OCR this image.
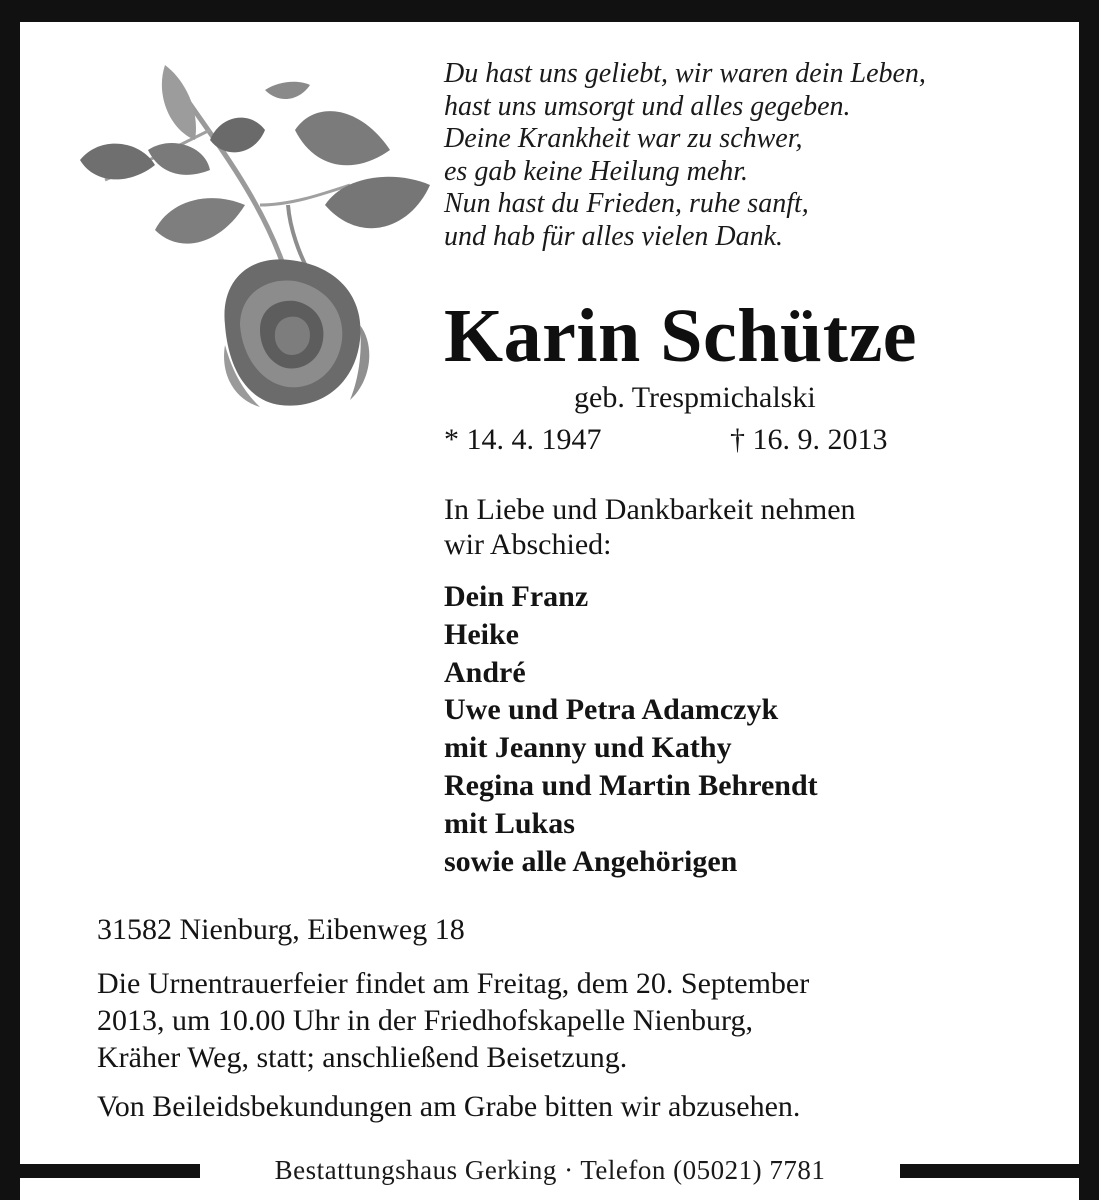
Du hast uns geliebt, wir waren dein Leben,
hast uns umsorgt und alles gegeben.
Deine Krankheit war zu schwer,
es gab keine Heilung mehr.
Nun hast du Frieden, ruhe sanft,
und hab für alles vielen Dank.
Karin Schütze
geb. Trespmichalski
* 14. 4. 1947	† 16. 9. 2013
In Liebe und Dankbarkeit nehmen
wir Abschied:
Dein Franz
Heike
André
Uwe und Petra Adamczyk
mit Jeanny und Kathy
Regina und Martin Behrendt
mit Lukas
sowie alle Angehörigen
31582 Nienburg, Eibenweg 18
Die Urnentrauerfeier findet am Freitag, dem 20. September
2013, um 10.00 Uhr in der Friedhofskapelle Nienburg,
Kräher Weg, statt; anschließend Beisetzung.
Von Beileidsbekundungen am Grabe bitten wir abzusehen.
Bestattungshaus Gerking · Telefon (05021) 7781
